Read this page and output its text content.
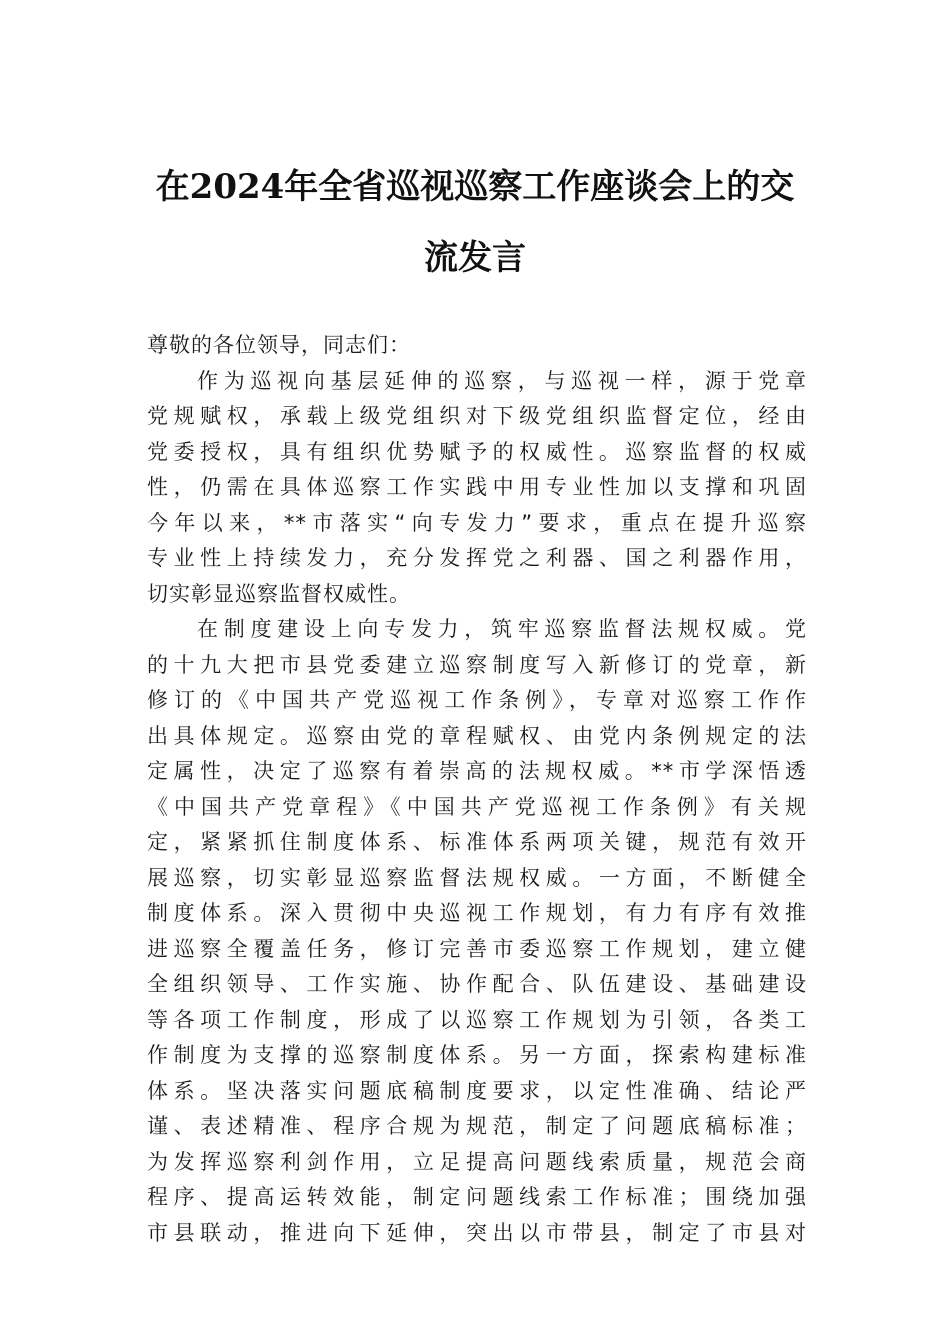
在2024年全省巡视巡察工作座谈会上的交
流发言
尊敬的各位领导，同志们：
作为巡视向基层延伸的巡察，与巡视一样，源于党章
党规赋权，承载上级党组织对下级党组织监督定位，经由
党委授权，具有组织优势赋予的权威性。巡察监督的权威
性，仍需在具体巡察工作实践中用专业性加以支撑和巩固
今年以来，**市落实“向专发力”要求，重点在提升巡察
专业性上持续发力，充分发挥党之利器、国之利器作用，
切实彰显巡察监督权威性。
在制度建设上向专发力，筑牢巡察监督法规权威。党
的十九大把市县党委建立巡察制度写入新修订的党章，新
修订的《中国共产党巡视工作条例》，专章对巡察工作作
出具体规定。巡察由党的章程赋权、由党内条例规定的法
定属性，决定了巡察有着崇高的法规权威。**市学深悟透
《中国共产党章程》《中国共产党巡视工作条例》有关规
定，紧紧抓住制度体系、标准体系两项关键，规范有效开
展巡察，切实彰显巡察监督法规权威。一方面，不断健全
制度体系。深入贯彻中央巡视工作规划，有力有序有效推
进巡察全覆盖任务，修订完善市委巡察工作规划，建立健
全组织领导、工作实施、协作配合、队伍建设、基础建设
等各项工作制度，形成了以巡察工作规划为引领，各类工
作制度为支撑的巡察制度体系。另一方面，探索构建标准
体系。坚决落实问题底稿制度要求，以定性准确、结论严
谨、表述精准、程序合规为规范，制定了问题底稿标准；
为发挥巡察利剑作用，立足提高问题线索质量，规范会商
程序、提高运转效能，制定问题线索工作标准；围绕加强
市县联动，推进向下延伸，突出以市带县，制定了市县对
